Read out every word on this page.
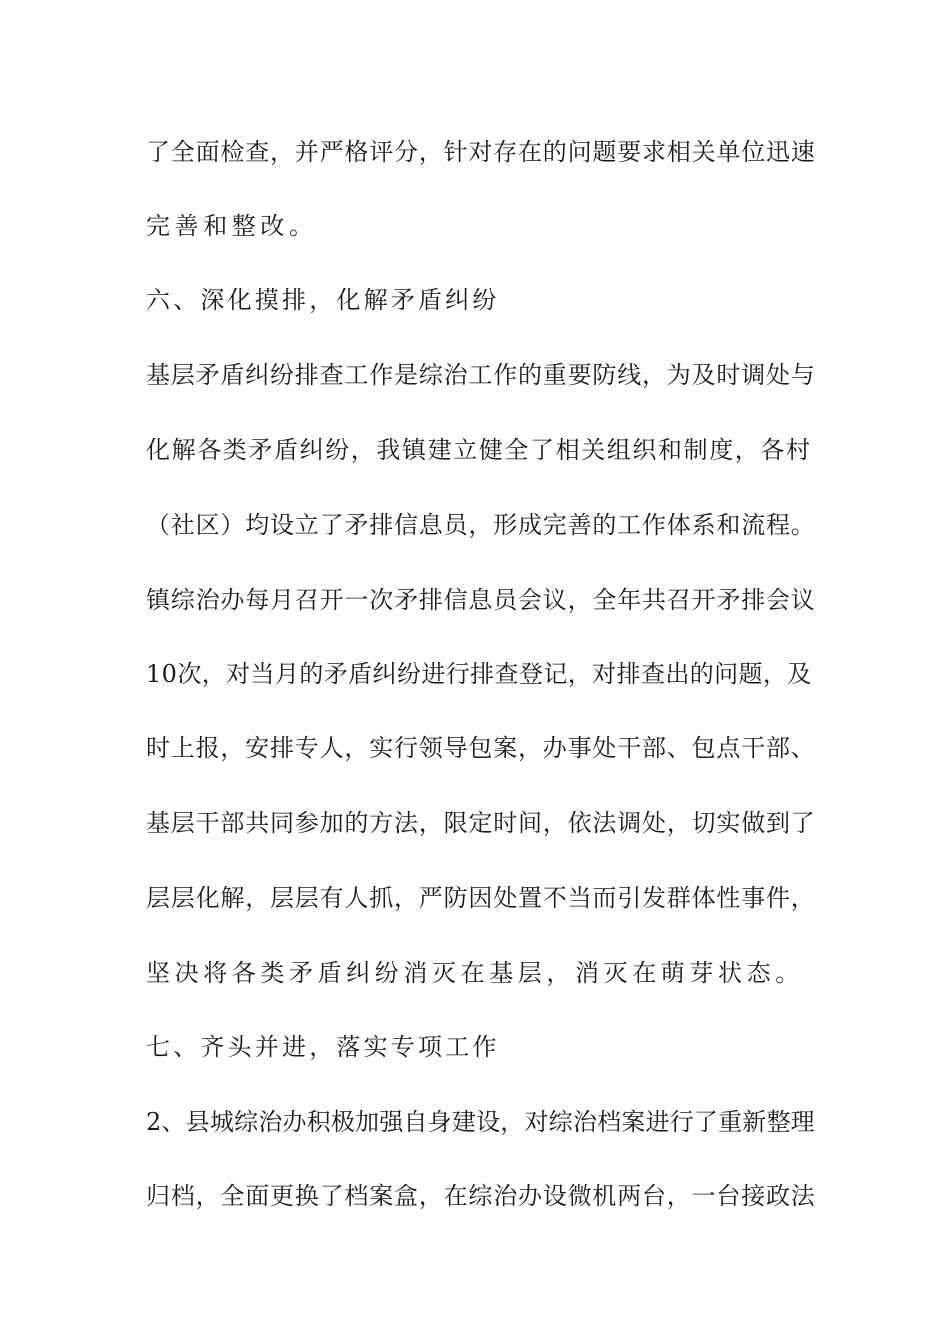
了全面检查，并严格评分，针对存在的问题要求相关单位迅速
完善和整改。
六、深化摸排，化解矛盾纠纷
基层矛盾纠纷排查工作是综治工作的重要防线，为及时调处与
化解各类矛盾纠纷，我镇建立健全了相关组织和制度，各村
（社区）均设立了矛排信息员，形成完善的工作体系和流程。
镇综治办每月召开一次矛排信息员会议，全年共召开矛排会议
10次，对当月的矛盾纠纷进行排查登记，对排查出的问题，及
时上报，安排专人，实行领导包案，办事处干部、包点干部、
基层干部共同参加的方法，限定时间，依法调处，切实做到了
层层化解，层层有人抓，严防因处置不当而引发群体性事件，
坚决将各类矛盾纠纷消灭在基层，消灭在萌芽状态。
七、齐头并进，落实专项工作
2、县城综治办积极加强自身建设，对综治档案进行了重新整理
归档，全面更换了档案盒，在综治办设微机两台，一台接政法
